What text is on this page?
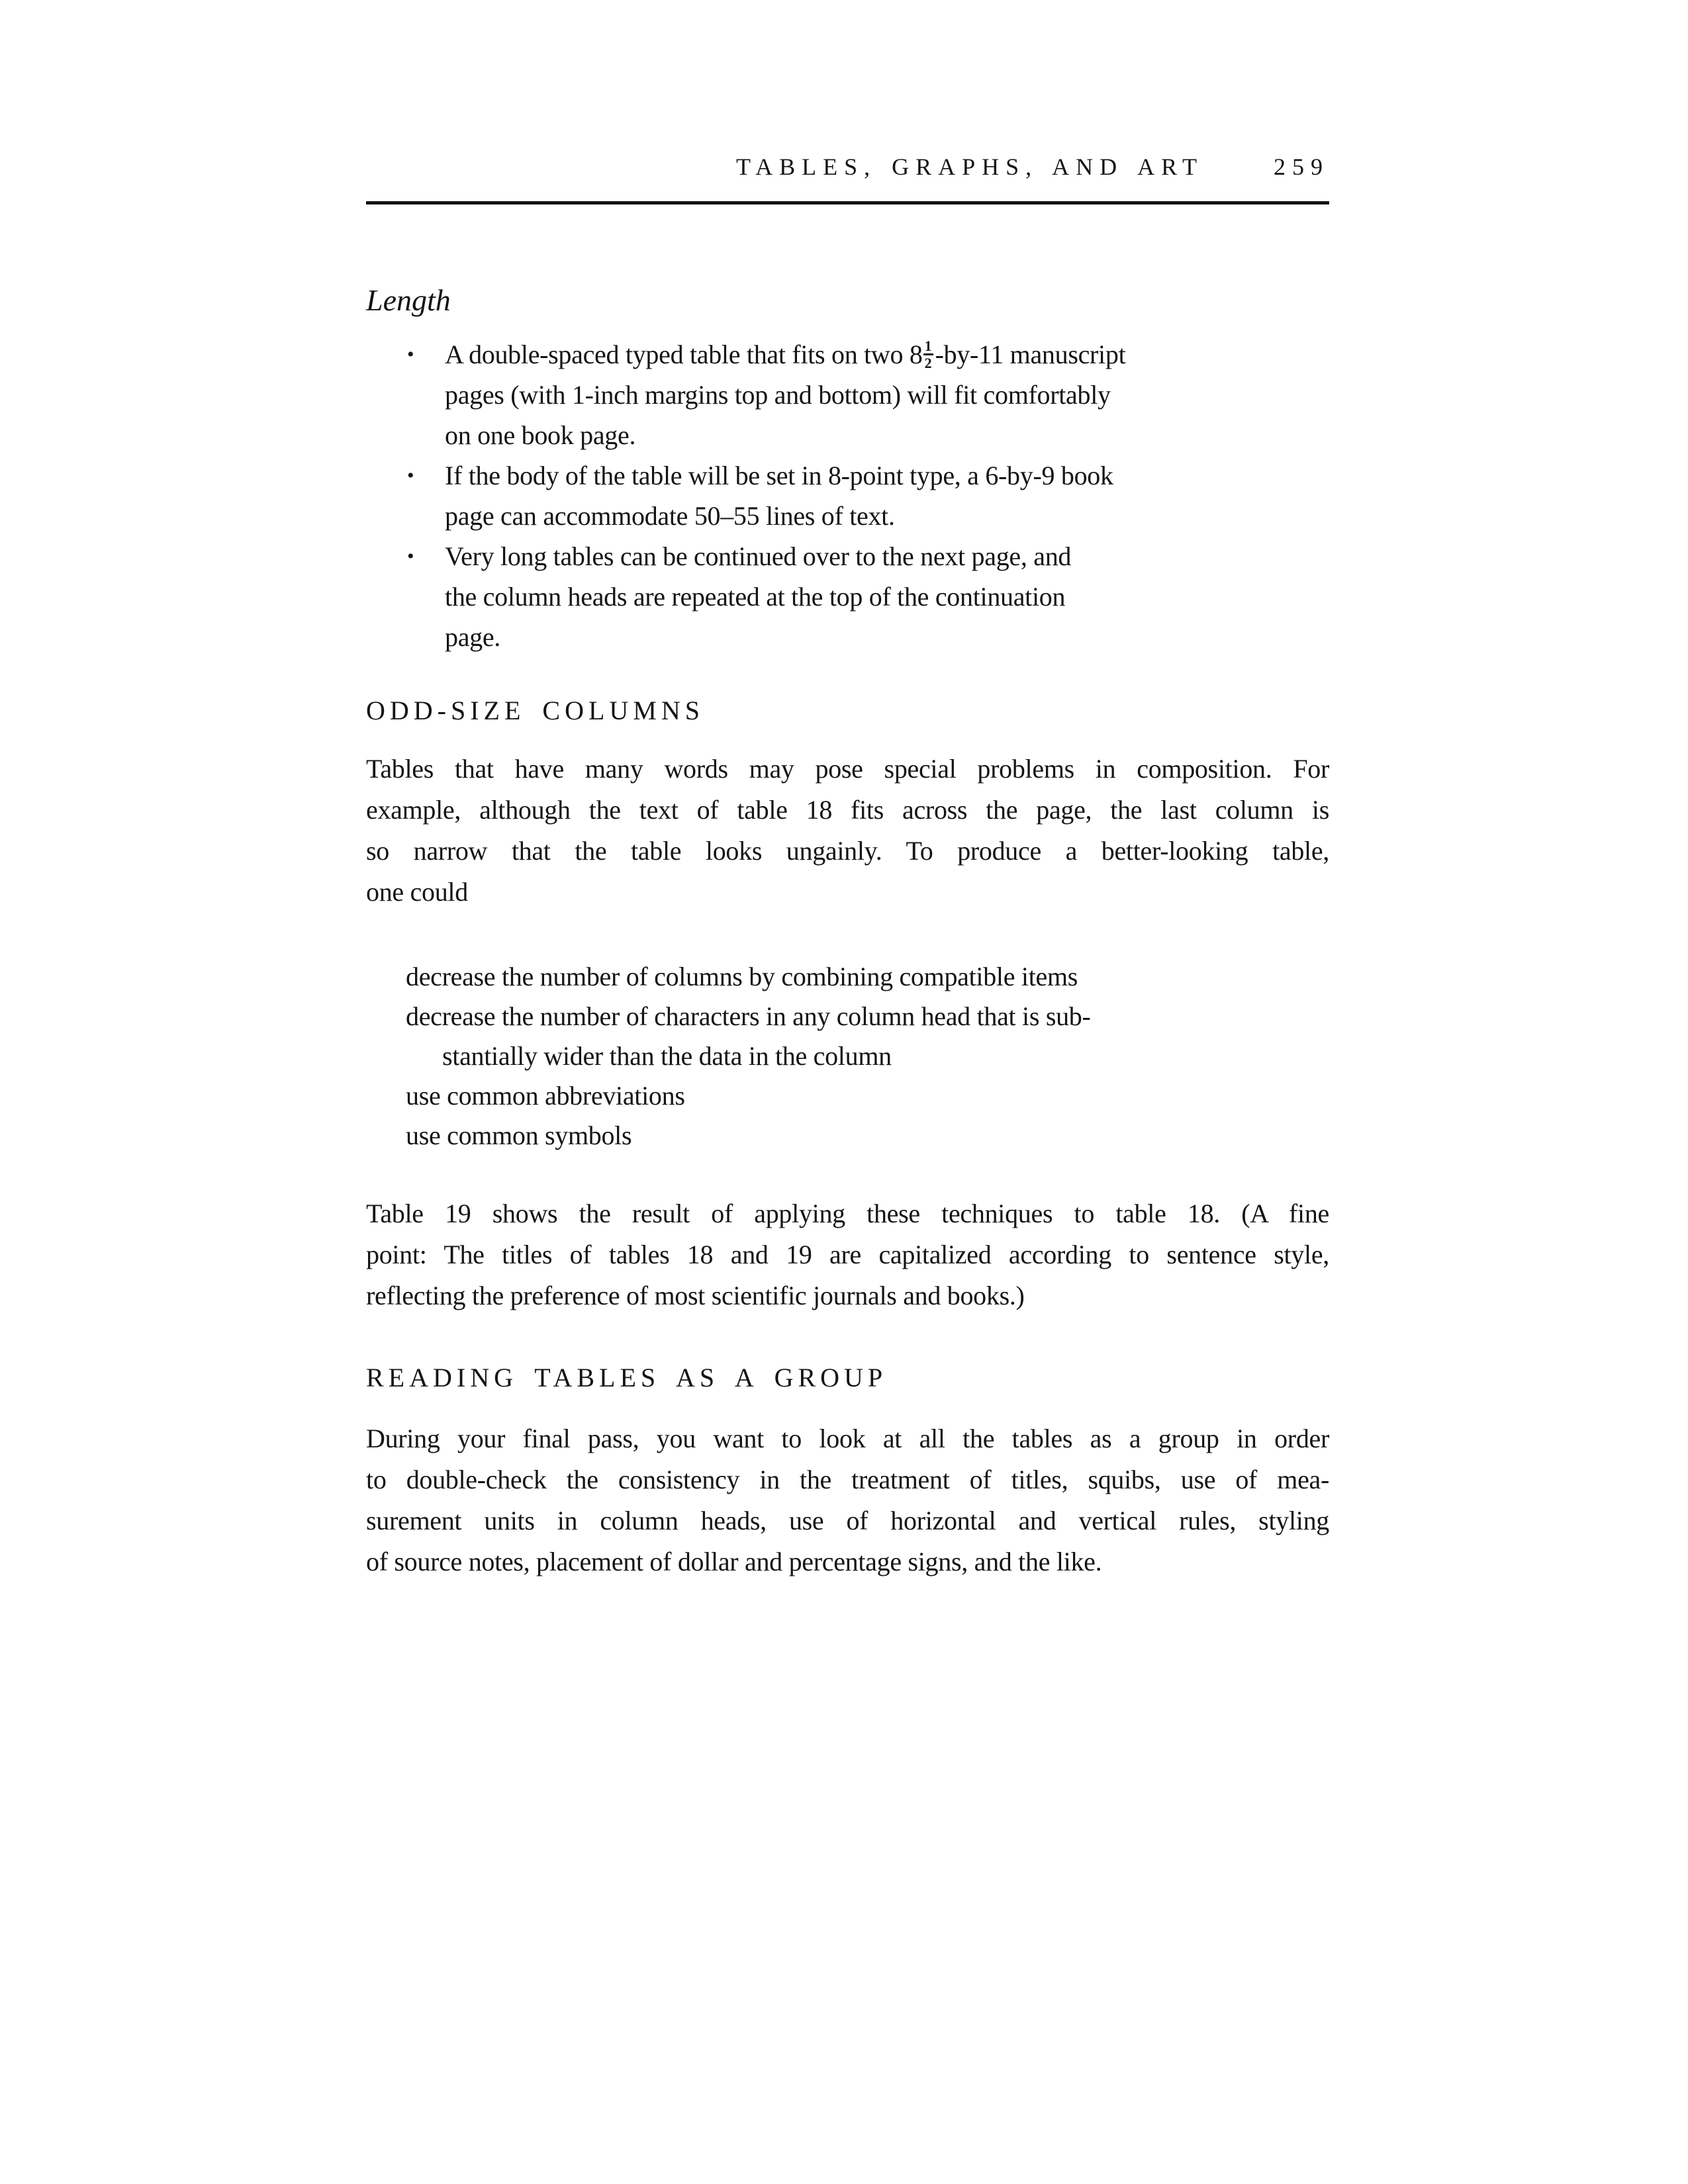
TABLES, GRAPHS, AND ART	259
Length
• A double-spaced typed table that fits on two $8 \frac{1}{2} -by-11$ manuscript
pages (with 1-inch margins top and bottom) will fit comfortably
on one book page.
• If the body of the table will be set in 8-point type, a 6-by-9 book
page can accommodate 50–55 lines of text.
• Very long tables can be continued over to the next page, and
the column heads are repeated at the top of the continuation
page.
ODD-SIZE COLUMNS
Tables that have many words may pose special problems in composition. For
example, although the text of table 18 fits across the page, the last column is
so narrow that the table looks ungainly. To produce a better-looking table,
one could
decrease the number of columns by combining compatible items
decrease the number of characters in any column head that is sub-
stantially wider than the data in the column
use common abbreviations
use common symbols
Table 19 shows the result of applying these techniques to table 18. (A fine
point: The titles of tables 18 and 19 are capitalized according to sentence style,
reflecting the preference of most scientific journals and books.)
READING TABLES AS A GROUP
During your final pass, you want to look at all the tables as a group in order
to double-check the consistency in the treatment of titles, squibs, use of mea-
surement units in column heads, use of horizontal and vertical rules, styling
of source notes, placement of dollar and percentage signs, and the like.
